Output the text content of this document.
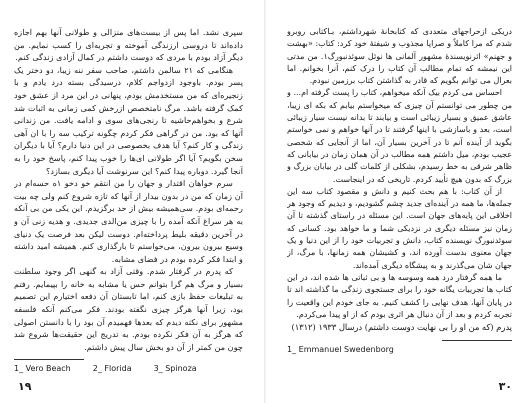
سپری نشد. اما پس از بیست‌های منزالی و طولانی آنها بهم اجازه داده‌اند تا دروسی ارزندگی آموخته و تجربه‌ای را کسب نمایم. من دیگر آزاد بودم با مردی که دوست داشتم در کمال آزادی زندگی کنم.

هنگامی که ۲۱ سالمن داشتم، صاحب سفر ننه زیبا، دو دختر یک پسر بودم. باوجود ازدواجم کلام، درسیدگی بسته درد یادم و با زنجیره‌ای که من مستخدمش بودم، پنهانی در این مرد از عشق خود کمک گرفته باشد. مرگ نامتخصص ازرخش کمی زمانی به اثبات شد شرع و بخواهم‌حاشیه تا رنجی‌های سوی و ادامه یافت. من زندانی آتها که بود. من در گراهی فکر کردم چگونه ترکیب سه را با ان آهی زندگی و کار کنم؟ آیا هدف بخصوصی در این دنیا دارم؟ آیا با دیگران سخن بگویم؟ آیا اگر طولانی ای‌ها را خوب پیدا کنم، پاسخ خود را به آنجا گیرد. دوباره پیدا کنم؟ این سرنوشت آیا دیگری بسازد؟

سرم خواهان اقتدار و جهان را من انتقم خو دخو ۱ه حسه‌ام در آن زمان که من در بدون بیدار از آنها که تازه شروع کنم ولی چه بیت رحمه‌ای بودم. سی‌همیشه بیش از حد برگزیدم. این یکی من بی آنکه به هر سراغ آنکه آمده را با چیزی من‌الدی جدیدی. و هدیه زنی آن و در آخرین دقیقه بلیط پرداخته‌ام. دوست لیکن بعد فرصت یک دنیای وسیع بیرون بیرون، می‌خواستم تا بارگذاری کنم. همیشه امید داشته و ابتدا فکر کرده بودم در فضای مشابه.

که پدرم در گرفتار شدم. وقتی آزاد به گنهی اگر وجود سلطنت بسیار و مرگ هم گرا بتوانم حس یا مشابه به خانه را بپیمایم. رفتم به تبلیغات حفظ بازی کنم، اما تابستان آن دفعه اختیارم این تصمیم بود، زیرا آنها هرگز چیزی نگفته بودند. فکر می‌کنم آنکه فلسفه مشهور برای نکته دیدم که بعدها فهمیدم آن بود را با دانستن اصولی که هرگز به آن فکر نکرده بودم. به تدریج این حقیقت‌ها شروع شد چون من کمتر از آن دو بخش سال پیش داشتم.

1_ Vero Beach	2_ Florida	3_ Spinoza
۱۹

دریکی ازحراجهای متعددی که کتابخانهٔ شهرداشتم، بـاکتابی روبرو شدم که مرا کاملاً و صراپا مجذوب و شیفتهٔ خود کرد: کتاب: «بهشت و جهنم» اثرنویسندهٔ مشهور آلمانی ها نوئل سوئدنبورگ۱. من مدتی این نیمشه که تمام مطالب آن کتاب را درک کنم، آنرا بخوانم. اما بعرال می توانم بگویم که قادر به گذاشتن کتاب برزمین نبودم.

احساس می کردم بیک آنکه میخواهم، کتاب را پست گرفته ام... و من چطور می توانستم آن چیزی که میخواستم بیابم که بکه ای زیبا، عاشق عمیق و بسیار زیبائی است و بیابند تا بدانه نیست سیار زیبائی است، بعد و باسازشی با اینها گرفتند تا در آنها خواهم و نمی خواستم بگوید از آینده آنم تا در آخرین بسیار آن، اما از آنجایی که شخصی عجیب بودم، میل داشتم همه مطالب در آن همان زمان در بیابانی که ظاهر شرقی به خط رسیدم، بشکلی از کلمات گلی در بیابان بزرگ و بزرگ که بدون هیچ تأیید کردم. تاریخی که در اینجاست.

از آن کتاب: با هم بحث کنیم و دانش و مقصود کتاب سه این جمله‌ها، ما همه در آینده‌ای جدید چشم گشودیم، و دیدیم که وجود هر اخلاقی این پایه‌های جهان است. این مسئله در راستای گذشته تا آن زمان نیز مسئله دیگری در نزدیکی شما و ما خواهد بود. کسانی که سوئدنبورگ نویسنده کتاب، دانش و تجربیات خود را از این دنیا و یک جهان معنوی بدست آورده اند، و کشیشان همه زمانها، با مرگ، از جهان شان می‌گذرند و به پیشگاه دیگری آمده‌اند.

ما همه گرفتار درد همه وسوسه ها و بی ثباتی ها شده اند، در این کتاب ها تجربیات یگانه خود را برای جستجوی زندگی ما گذاشته اند تا در پایان آنها، هدف نهایی را کشف کنیم. به جای خودم این واقعیت را تجربه کردم و بعد از آن دنبال هر اثری بودم که از او پیدا می‌کردم.

پدرم (که من او را بی نهایت دوست داشتم) درسال ۱۹۳۳ (۱۳۱۲)
1_ Emmanuel Swedenborg
۳۰
